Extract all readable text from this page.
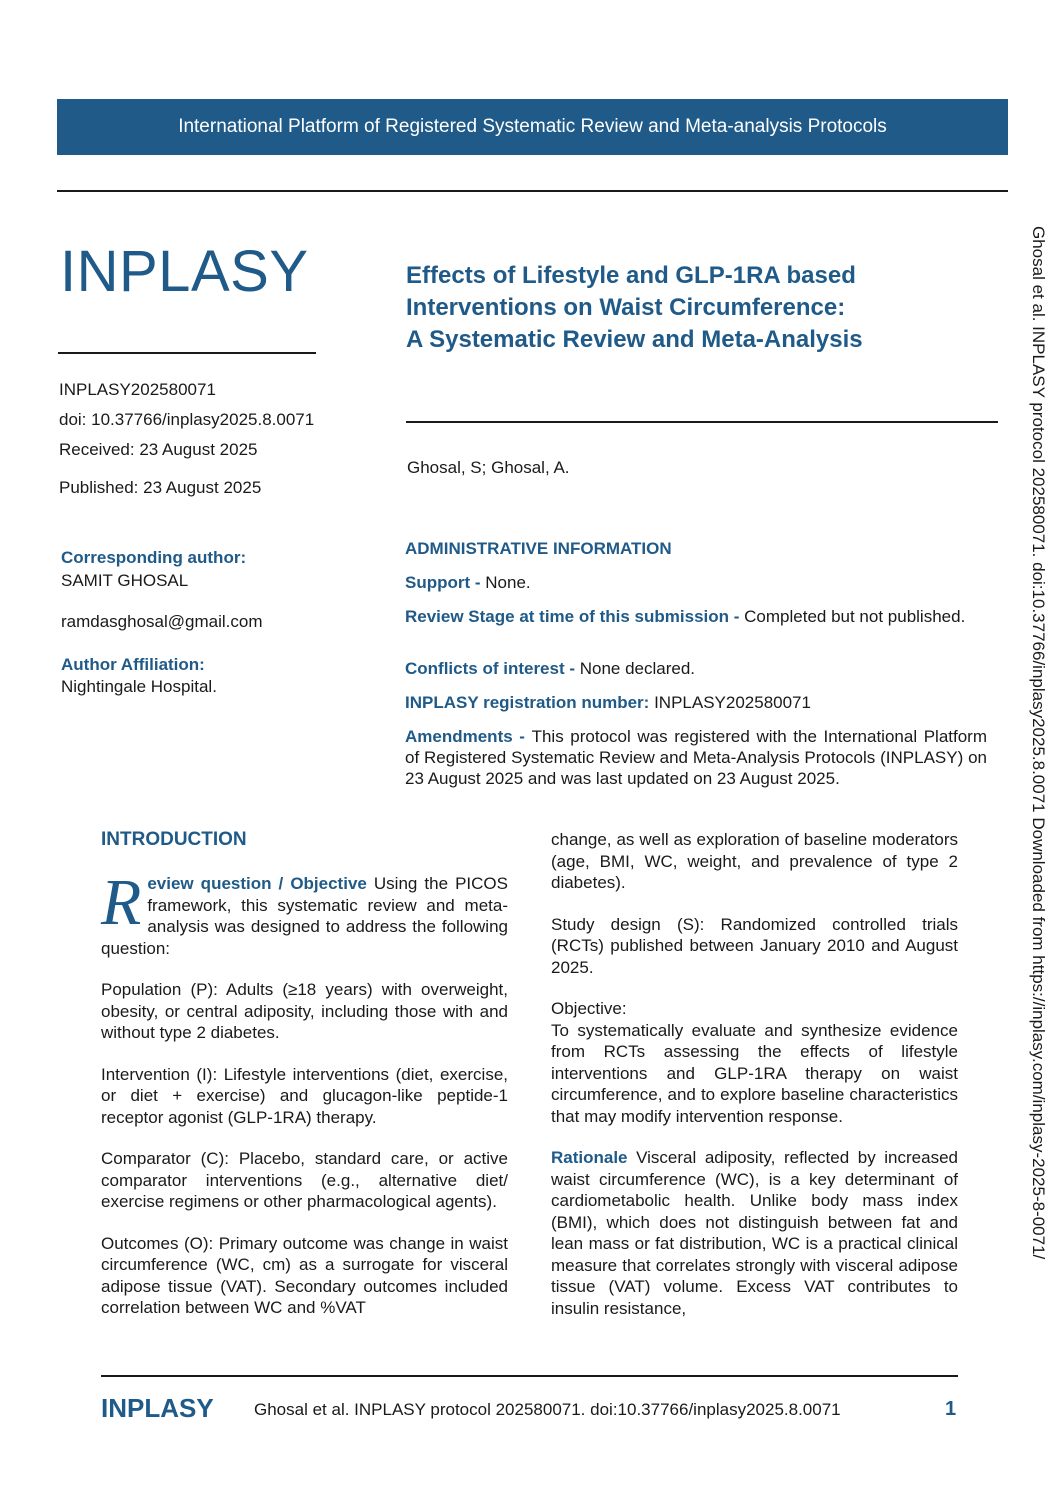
International Platform of Registered Systematic Review and Meta-analysis Protocols
INPLASY	Effects of Lifestyle and GLP-1RA based
Interventions on Waist Circumference:
A Systematic Review and Meta-Analysis
Ghosal, S; Ghosal, A.
INPLASY202580071
doi: 10.37766/inplasy2025.8.0071
Received: 23 August 2025
Published: 23 August 2025
Corresponding author:
SAMIT GHOSAL
ramdasghosal@gmail.com
Author Affiliation:
Nightingale Hospital.
ADMINISTRATIVE INFORMATION
Support - None.
Review Stage at time of this submission - Completed but not published.
Conflicts of interest - None declared.
INPLASY registration number: INPLASY202580071
Amendments - This protocol was registered with the International Platform of Registered Systematic Review and Meta-Analysis Protocols (INPLASY) on 23 August 2025 and was last updated on 23 August 2025.
INTRODUCTION

Review question / Objective Using the PICOS framework, this systematic review and meta-analysis was designed to address the following question:

Population (P): Adults (≥18 years) with overweight, obesity, or central adiposity, including those with and without type 2 diabetes.

Intervention (I): Lifestyle interventions (diet, exercise, or diet + exercise) and glucagon-like peptide-1 receptor agonist (GLP-1RA) therapy.

Comparator (C): Placebo, standard care, or active comparator interventions (e.g., alternative diet/ exercise regimens or other pharmacological agents).

Outcomes (O): Primary outcome was change in waist circumference (WC, cm) as a surrogate for visceral adipose tissue (VAT). Secondary outcomes included correlation between WC and %VAT

change, as well as exploration of baseline moderators (age, BMI, WC, weight, and prevalence of type 2 diabetes).

Study design (S): Randomized controlled trials (RCTs) published between January 2010 and August 2025.

Objective:
To systematically evaluate and synthesize evidence from RCTs assessing the effects of lifestyle interventions and GLP-1RA therapy on waist circumference, and to explore baseline characteristics that may modify intervention response.

Rationale Visceral adiposity, reflected by increased waist circumference (WC), is a key determinant of cardiometabolic health. Unlike body mass index (BMI), which does not distinguish between fat and lean mass or fat distribution, WC is a practical clinical measure that correlates strongly with visceral adipose tissue (VAT) volume. Excess VAT contributes to insulin resistance,

Ghosal et al. INPLASY protocol 202580071. doi:10.37766/inplasy2025.8.0071 Downloaded from https://inplasy.com/inplasy-2025-8-0071/
INPLASY Ghosal et al. INPLASY protocol 202580071. doi:10.37766/inplasy2025.8.0071	1
